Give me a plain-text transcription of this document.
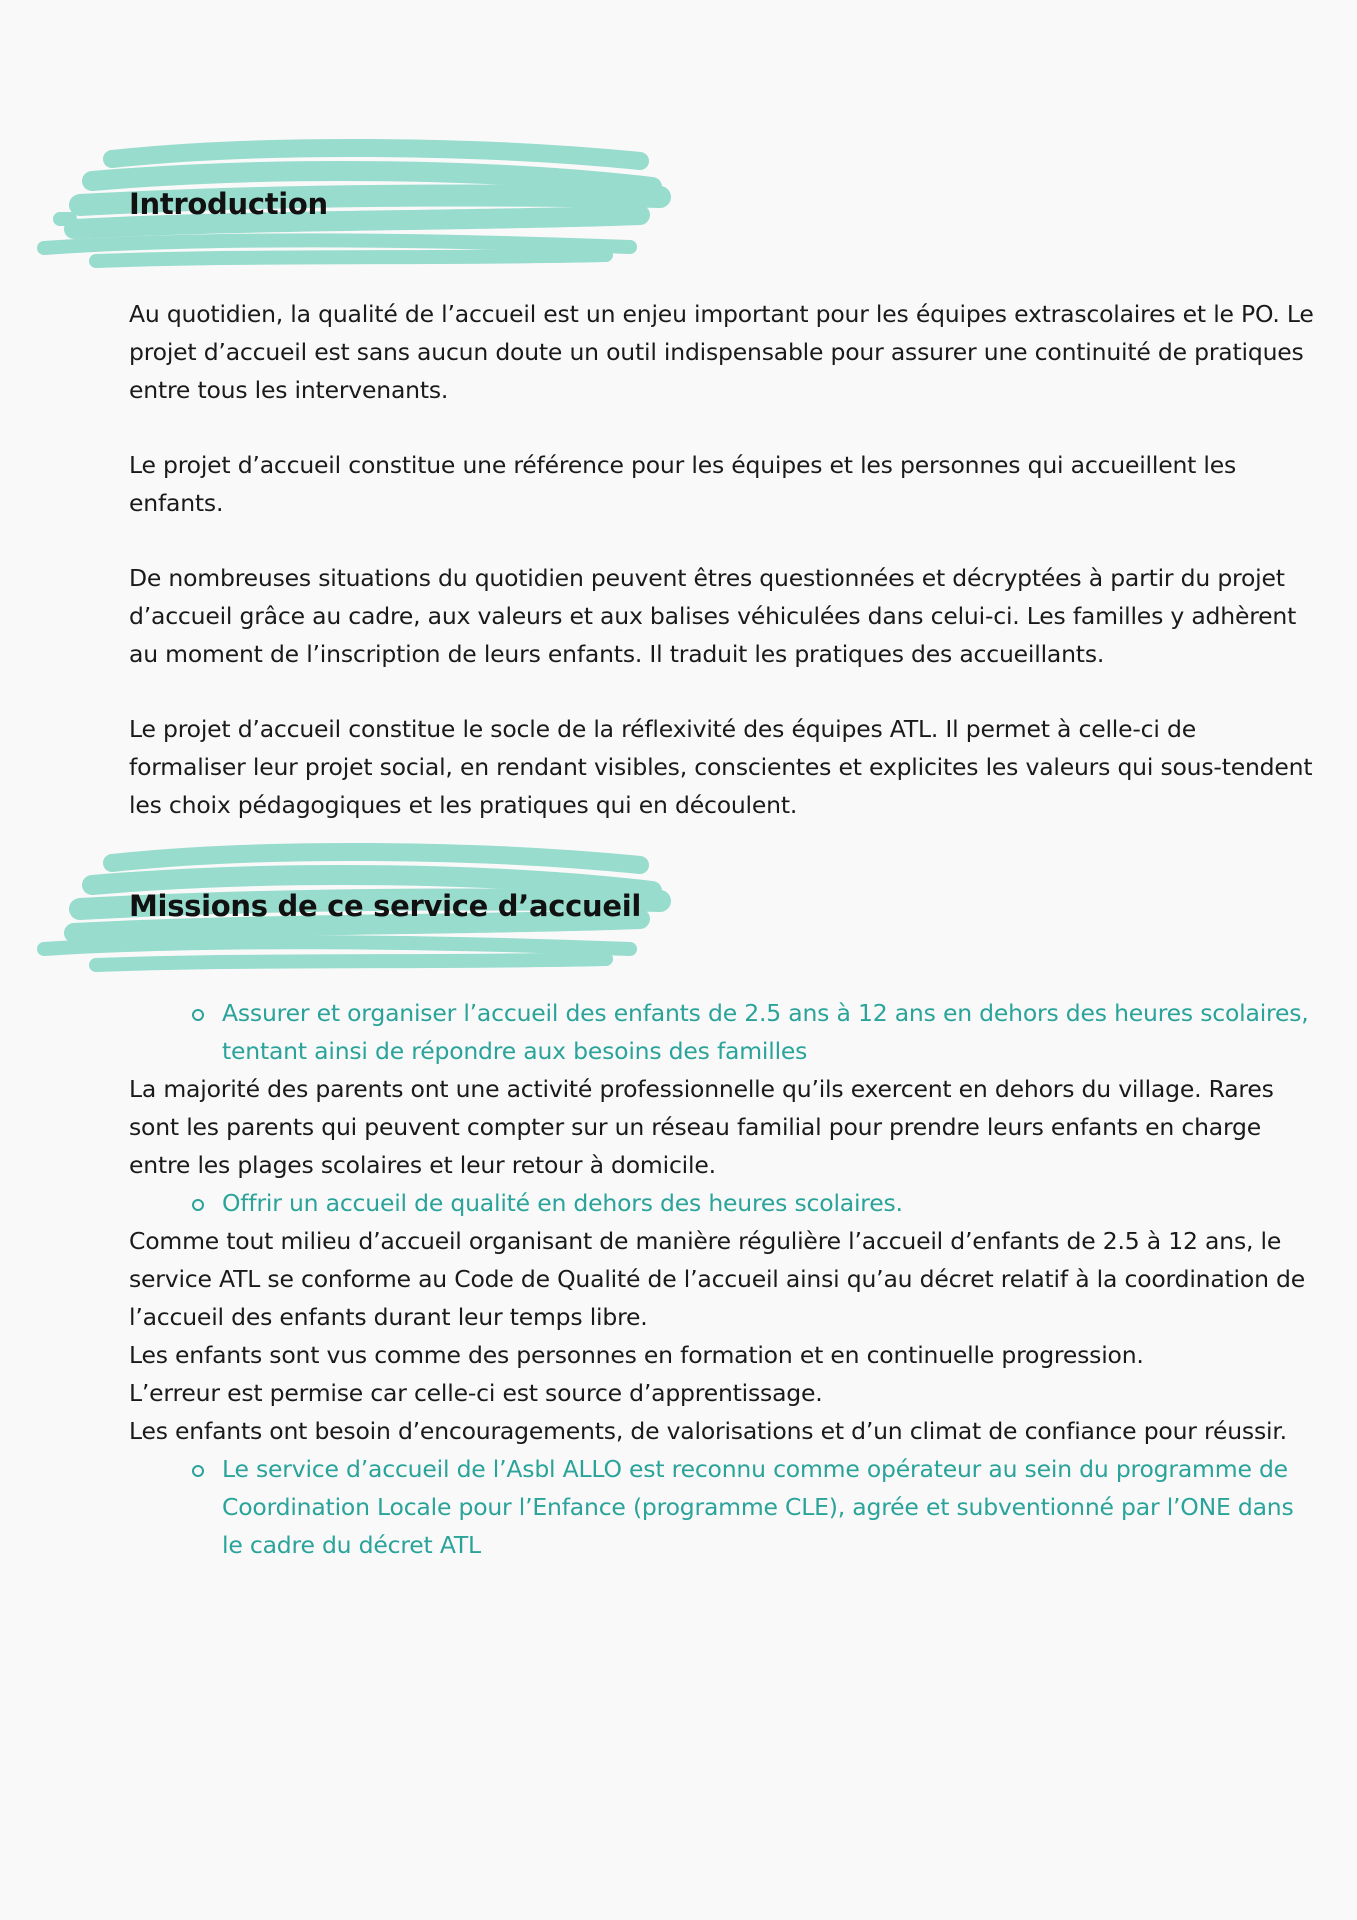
Introduction

Au quotidien, la qualité de l’accueil est un enjeu important pour les équipes extrascolaires et le PO. Le projet d’accueil est sans aucun doute un outil indispensable pour assurer une continuité de pratiques entre tous les intervenants.

Le projet d’accueil constitue une référence pour les équipes et les personnes qui accueillent les enfants.

De nombreuses situations du quotidien peuvent êtres questionnées et décryptées à partir du projet d’accueil grâce au cadre, aux valeurs et aux balises véhiculées dans celui-ci. Les familles y adhèrent au moment de l’inscription de leurs enfants. Il traduit les pratiques des accueillants.

Le projet d’accueil constitue le socle de la réflexivité des équipes ATL. Il permet à celle-ci de formaliser leur projet social, en rendant visibles, conscientes et explicites les valeurs qui sous-tendent les choix pédagogiques et les pratiques qui en découlent.

Missions de ce service d’accueil

Assurer et organiser l’accueil des enfants de 2.5 ans à 12 ans en dehors des heures scolaires, tentant ainsi de répondre aux besoins des familles

La majorité des parents ont une activité professionnelle qu’ils exercent en dehors du village. Rares sont les parents qui peuvent compter sur un réseau familial pour prendre leurs enfants en charge entre les plages scolaires et leur retour à domicile.

Offrir un accueil de qualité en dehors des heures scolaires.

Comme tout milieu d’accueil organisant de manière régulière l’accueil d’enfants de 2.5 à 12 ans, le service ATL se conforme au Code de Qualité de l’accueil ainsi qu’au décret relatif à la coordination de l’accueil des enfants durant leur temps libre.

Les enfants sont vus comme des personnes en formation et en continuelle progression.

L’erreur est permise car celle-ci est source d’apprentissage.

Les enfants ont besoin d’encouragements, de valorisations et d’un climat de confiance pour réussir.

Le service d’accueil de l’Asbl ALLO est reconnu comme opérateur au sein du programme de Coordination Locale pour l’Enfance (programme CLE), agrée et subventionné par l’ONE dans le cadre du décret ATL
